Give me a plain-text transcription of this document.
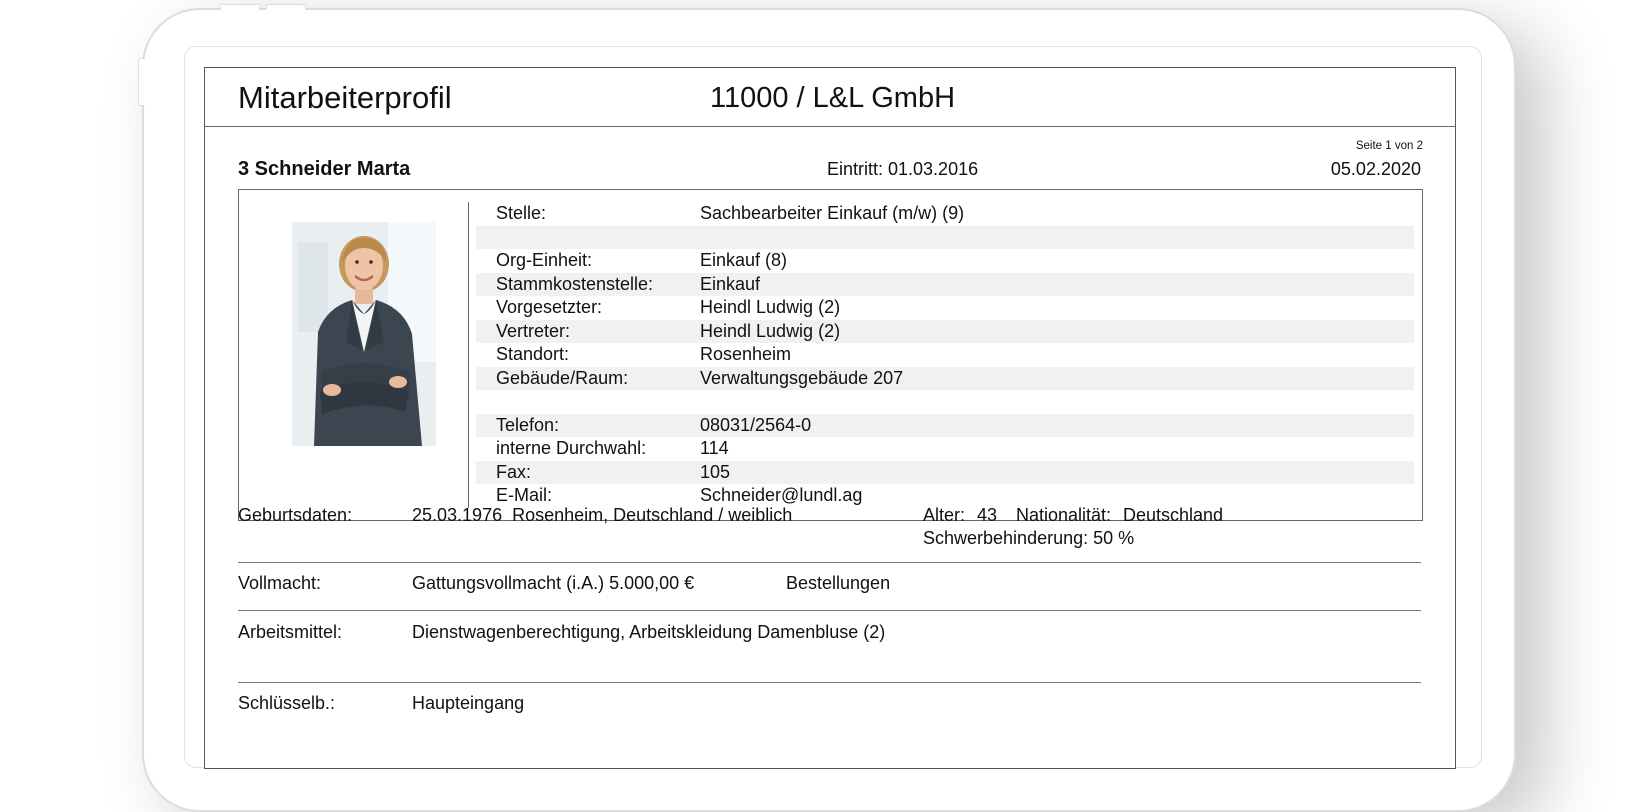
Mitarbeiterprofil	11000 / L&L GmbH
Seite 1 von 2
3 Schneider Marta	Eintritt: 01.03.2016	05.02.2020
Stelle:	Sachbearbeiter Einkauf (m/w) (9)
Org-Einheit:	Einkauf (8)
Stammkostenstelle:	Einkauf
Vorgesetzter:	Heindl Ludwig (2)
Vertreter:	Heindl Ludwig (2)
Standort:	Rosenheim
Gebäude/Raum:	Verwaltungsgebäude 207
Telefon:	08031/2564-0
interne Durchwahl:	114
Fax:	105
E-Mail:	Schneider@lundl.ag
Geburtsdaten:	25.03.1976  Rosenheim, Deutschland / weiblich	Alter: 43 Nationalität: Deutschland
Schwerbehinderung: 50 %
Vollmacht:	Gattungsvollmacht (i.A.) 5.000,00 €	Bestellungen
Arbeitsmittel:	Dienstwagenberechtigung, Arbeitskleidung Damenbluse (2)
Schlüsselb.:	Haupteingang
